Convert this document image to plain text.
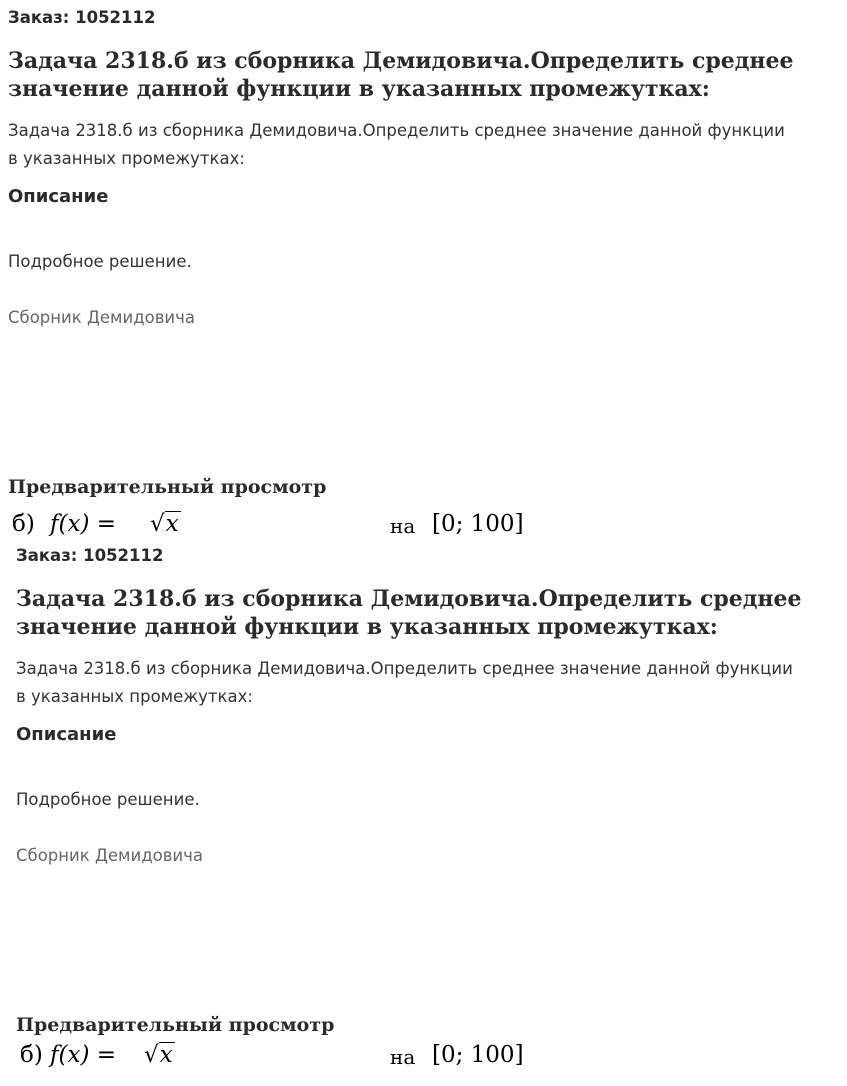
Заказ: 1052112

Задача 2318.б из сборника Демидовича.Определить среднее значение данной функции в указанных промежутках:

Задача 2318.б из сборника Демидовича.Определить среднее значение данной функции в указанных промежутках:

Описание

Подробное решение.

Сборник Демидовича
Предварительный просмотр
б) f(x) = √x	на [0; 100]

Заказ: 1052112

Задача 2318.б из сборника Демидовича.Определить среднее значение данной функции в указанных промежутках:

Задача 2318.б из сборника Демидовича.Определить среднее значение данной функции в указанных промежутках:

Описание

Подробное решение.

Сборник Демидовича
Предварительный просмотр
б) f(x) = √x	на [0; 100]
